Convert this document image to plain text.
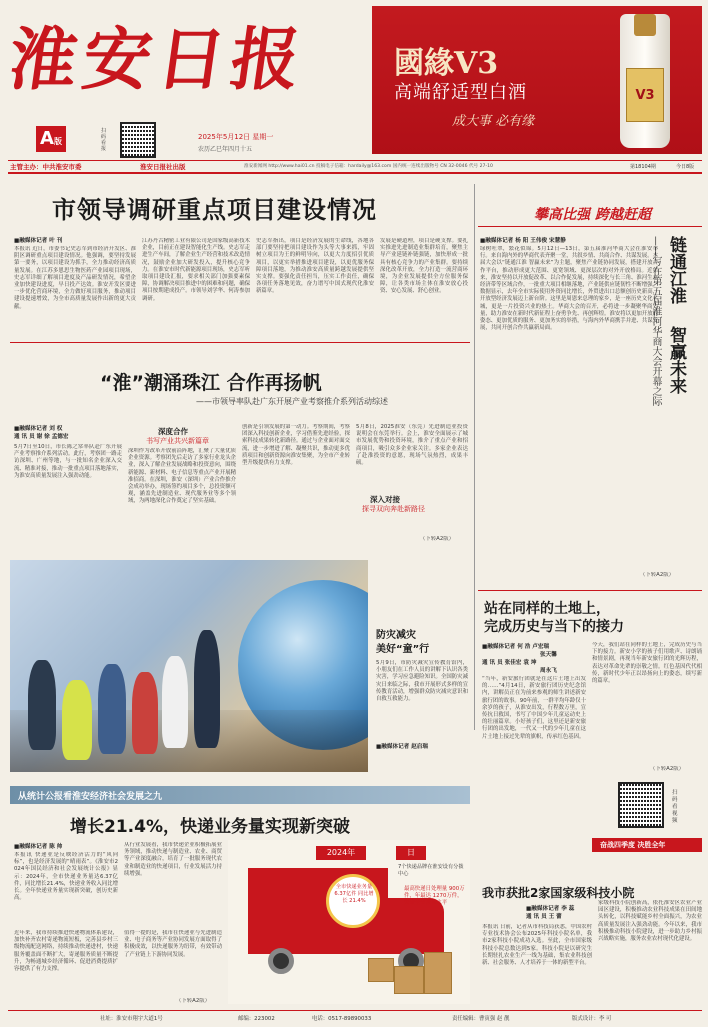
淮安日报
A版
扫码看报
2025年5月12日 星期一
农历乙巳年四月十五
國緣V3
高端舒适型白酒
成大事 必有缘
V3
主管主办：中共淮安市委	淮安日报社出版	淮安新闻网 http://www.hai01.cn 投稿电子信箱：hardaily@163.com 国内统一连续出版物号 CN 32-0046 代号 27-10	第18104期	今日8版
市领导调研重点项目建设情况
■融媒体记者 叶 刊
本报讯 近日，市委书记史志军到市经济开发区、淮阴区调研重点项目建设情况。他强调，要坚持发展第一要务，以项目建设为抓手，全力推动经济高质量发展。在江苏多恩思生物医药产业园项目现场，史志军详细了解项目进度及产品研发情况，希望企业加快建设进度，早日投产达效。淮安开发区要进一步优化营商环境，全力做好项目服务，推动项目建设提速增效，为全市高质量发展作出新的更大贡献。
江苏丹古精密工业有限公司是国家级高新技术企业，目前正在建设智能化生产线。史志军走进生产车间，了解企业生产经营和技术改造情况，鼓励企业加大研发投入，提升核心竞争力。在淮安市时代新能源项目现场，史志军听取项目建设汇报，要求相关部门加强要素保障，协调解决项目推进中的困难和问题，确保项目按期建成投产。市领导刘学华、何涛参加调研。
史志军指出，项目是经济发展的生命线，各地各部门要坚持把项目建设作为头等大事来抓，牢固树立项目为王的鲜明导向，以更大力度招引优质项目，以更实举措推进项目建设，以更优服务保障项目落地，为推动淮安高质量跨越发展提供坚实支撑。要强化责任担当，压实工作责任，确保各项任务落地见效，奋力谱写中国式现代化淮安新篇章。
发展是硬道理，项目是硬支撑。要扎实推进先进制造业集群培育，聚焦主导产业延链补链强链，加快形成一批具有核心竞争力的产业集群。要持续深化改革开放，全力打造一流营商环境，为企业发展提供全方位服务保障，让各类市场主体在淮安放心投资、安心发展、舒心创业。
攀高比强 跨越赶超
■融媒体记者 杨 阳 王伟俊 宋慧静
绿树吐翠，繁花似锦。5月12日—13日，第五届淮河华商大会在淮安举行。来自海内外的华商代表齐聚一堂，共叙乡情、共商合作、共谋发展。本届大会以“链通江淮 智赢未来”为主题，聚焦产业链协同发展，搭建开放合作平台，推动形成更大范围、更宽领域、更深层次的对外开放格局。近年来，淮安坚持以开放促改革、以合作促发展，持续深化与长三角、淮河生态经济带等区域合作，一批重大项目相继落地，产业链供应链韧性不断增强。数据显示，去年全市实际使用外资同比增长，外贸进出口总额创历史新高，开放型经济发展迈上新台阶。这里是周恩来总理的家乡，是一座历史文化名城，更是一片投资兴业的热土。华商大会的召开，必将进一步凝聚华商力量，助力淮安在新时代新征程上奋勇争先、再创辉煌。淮安将以更加开放的姿态、更加优质的服务、更加务实的举措，与海内外华商携手并进、共谋发展，共同开创合作共赢新局面。
（下转A2版）
链通江淮
智赢未来
——写在第五届淮河华商大会开幕之际
“淮”潮涌珠江 合作再扬帆
——市领导率队赴广东开展产业考察推介系列活动综述
■融媒体记者 刘 权
通 讯 员 谢 徐 孟德宏
5月7日至10日，市长陈之常率队赴广东开展产业考察推介系列活动。此行，考察团一路走访深圳、广州等地，与一批知名企业深入交流、精准对接，推动一批重点项目落地落实，为淮安高质量发展注入强劲动能。
深度合作
书写产业共兴新篇章
深圳作为改革开放前沿阵地，汇聚了大量优质企业资源。考察团先后走访了多家行业龙头企业，深入了解企业发展战略和投资意向，围绕新能源、新材料、电子信息等重点产业开展精准招商。在深圳，淮安（深圳）产业合作推介会成功举办，现场签约项目多个，总投资额可观，涵盖先进制造业、现代服务业等多个领域，为两地深化合作奠定了坚实基础。
创新是引领发展的第一动力。考察期间，考察团深入科技创新企业，学习借鉴先进经验，探索科技成果转化新路径。通过与企业面对面交流，进一步增进了解、凝聚共识，推动更多优质项目和创新资源向淮安集聚，为全市产业转型升级提供有力支撑。
深入对接
探寻双向奔赴新路径
5月8日，2025淮安（东莞）先进制造业投资说明会在东莞举行。会上，淮安全面展示了城市发展优势和投资环境，推介了重点产业和招商项目，吸引众多企业家关注。多家企业表达了赴淮投资的意愿，现场气氛热烈，成果丰硕。
（下转A2版）
防灾减灾
美好“童”行
5月9日，市防灾减灾宣传教育馆内，小朋友们在工作人员的讲解下认识各类灾害，学习应急避险知识。全国防灾减灾日来临之际，我市开展形式多样的宣传教育活动，增强群众防灾减灾意识和自救互救能力。
■融媒体记者 赵启瑞
站在同样的土地上，
完成历史与当下的接力
■融媒体记者 何 浩 卢宏瑞
张天馨
通 讯 员 张佳宏 袁 坤
周永飞
“当年，新安旅行团就是在这片土地上出发的……”4月14日，新安旅行团历史纪念馆内，讲解员正在为前来参观的师生讲述新安旅行团的故事。90年前，一群平均年龄仅十余岁的孩子，从淮安出发，行程数万里，宣传抗日救国，书写了中国少年儿童运动史上的壮丽篇章。小好孩子们，这里还是新安旅行团的出发地，一代又一代的少年儿童在这片土地上接过先辈的旗帜，传承红色基因。
今天，我们站在同样的土地上，完成历史与当下的接力。新安小学的孩子们用歌声、诗朗诵和情景剧，再现当年新安旅行团的光辉历程，表达对革命先辈的崇敬之情。红色基因代代相传，新时代少年正以昂扬向上的姿态，续写新的篇章。
（下转A2版）
扫码看视频
从统计公报看淮安经济社会发展之九
增长21.4%，快递业务量实现新突破
■融媒体记者 陈 帅
本报讯 快递业是反映经济活力的“风向标”，也是经济发展的“晴雨表”。《淮安市2024年国民经济和社会发展统计公报》显示：2024年，全市快递业务量达6.37亿件，同比增长21.4%，快递业务收入同比增长。全年快递业务量实现新突破，创历史新高。
近年来，我市持续推进快递物流体系建设，加快补齐农村寄递物流短板，完善县乡村三级物流配送网络，持续推动快递进村，快递服务覆盖面不断扩大，寄递服务质量不断提升，为畅通城乡经济循环、促进消费提质扩容提供了有力支撑。
从行业发展看，我市快递企业积极拓展业务领域，推动快递与制造业、农业、商贸等产业深度融合，培育了一批服务现代农业和制造业的快递项目，行业发展活力持续增强。
值得一提的是，我市在快递业与先进制造业、电子商务等产业协同发展方面取得了积极成效，以快递服务为纽带，有效带动了产业链上下游协同发展。
（下转A2版）
2024年	日
全市快递业务量 6.37亿件 同比增长 21.4%
7个快递品牌在淮安设有分拨中心
最高快递日处理量 900万件，年最达 1270万件，突破全省最高水平
奋战四季度 决胜全年
我市获批2家国家级科技小院
■融媒体记者 李 蕊
通 讯 员 王 蕾
本报讯 日前，记者从市科技局获悉，中国农村专业技术协会公布2025年科技小院名单，我市2家科技小院成功入选。至此，全市国家级科技小院总数达到5家。科技小院是以研究生长期驻扎农业生产一线为基础，集农业科技创新、社会服务、人才培养于一体的新型平台。
家级科技小院创新高，依托淮安区农业产业园区建设，积极推动农业科技成果在田间地头转化，以科技赋能乡村全面振兴，为农业高质量发展注入强劲动能。今年以来，我市积极推动科技小院建设，进一步助力乡村振兴战略实施，服务农业农村现代化建设。
社址：淮安市翔宇大道1号	邮编：223002	电话：0517-89890033	责任编辑：曹寅强 赵 靓	版式设计：李 可
